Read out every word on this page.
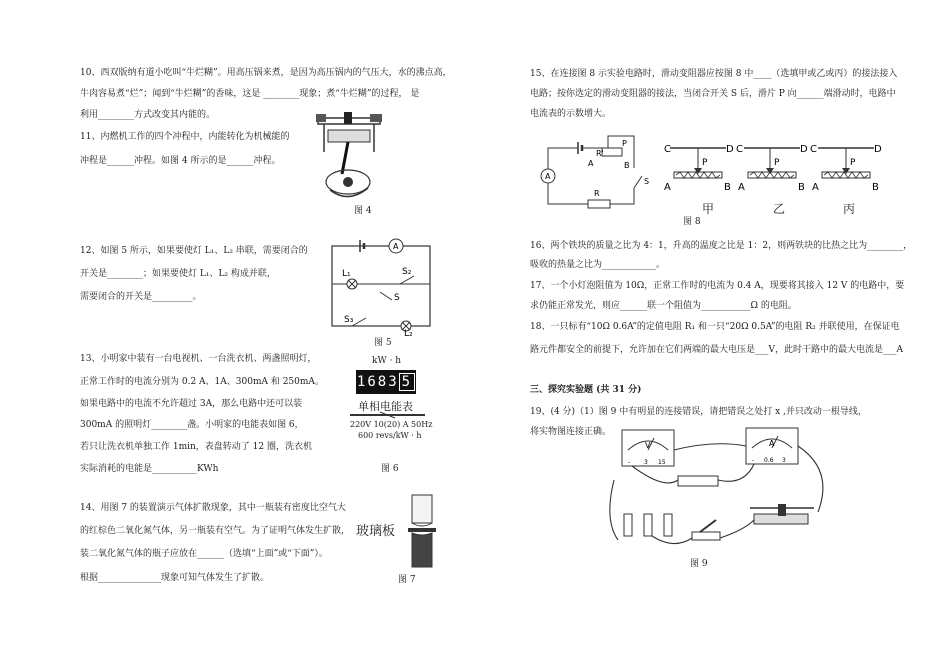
10、西双版纳有道小吃叫“牛烂糊”。用高压锅来煮，是因为高压锅内的气压大，水的沸点高，
牛肉容易煮“烂”；闻到“牛烂糊”的香味，这是 ________现象；煮“牛烂糊”的过程， 是
利用________方式改变其内能的。
11、内燃机工作的四个冲程中，内能转化为机械能的
冲程是______冲程。如图 4 所示的是______冲程。
图 4
12、如图 5 所示，如果要使灯 L₁、L₂ 串联，需要闭合的
开关是________；如果要使灯 L₁、L₂ 构成并联，
需要闭合的开关是_________。
A
L₁	S₂
S
S₃
L₂
图 5
13、小明家中装有一台电视机、一台洗衣机、两盏照明灯，
正常工作时的电流分别为 0.2 A、1A、300mA 和 250mA。
如果电路中的电流不允许超过 3A，那么电路中还可以装
300mA 的照明灯________盏。小明家的电能表如图 6，
若只让洗衣机单独工作 1min，表盘转动了 12 圈，洗衣机
实际消耗的电能是__________KWh
kW · h
1683 5
单相电能表
220V 10(20) A 50Hz
600 revs/kW · h
图 6
14、用图 7 的装置演示气体扩散现象，其中一瓶装有密度比空气大
的红棕色二氧化氮气体，另一瓶装有空气。为了证明气体发生扩散，
装二氧化氮气体的瓶子应放在______（选填“上面”或“下面”）。
根据______________现象可知气体发生了扩散。
玻璃板
图 7
15、在连接图 8 示实验电路时，滑动变阻器应按图 8 中____（选填甲或乙或丙）的接法接入
电路；按你选定的滑动变阻器的接法，当闭合开关 S 后，滑片 P 向______端滑动时，电路中
电流表的示数增大。
A
R'
B
P
A
R
S
C	D
P
A	B
C	D
P
A	B
C	D
P
A	B
图 8
甲	乙	丙
16、两个铁块的质量之比为 4：1，升高的温度之比是 1：2，则两铁块的比热之比为________，
吸收的热量之比为____________。
17、一个小灯泡阻值为 10Ω，正常工作时的电流为 0.4 A，现要将其接入 12 V 的电路中，要
求仍能正常发光，则应______联一个阻值为___________Ω 的电阻。
18、一只标有“10Ω 0.6A”的定值电阻 R₁ 和一只“20Ω 0.5A”的电阻 R₂ 并联使用，在保证电
路元件都安全的前提下，允许加在它们两端的最大电压是___V，此时干路中的最大电流是___A
三、探究实验题 (共 31 分)
19、(4 分)（1）图 9 中有明显的连接错误，请把错误之处打 x ,并只改动一根导线，
将实物图连接正确。
V
- 3 15
A
- 0.6 3
图 9
